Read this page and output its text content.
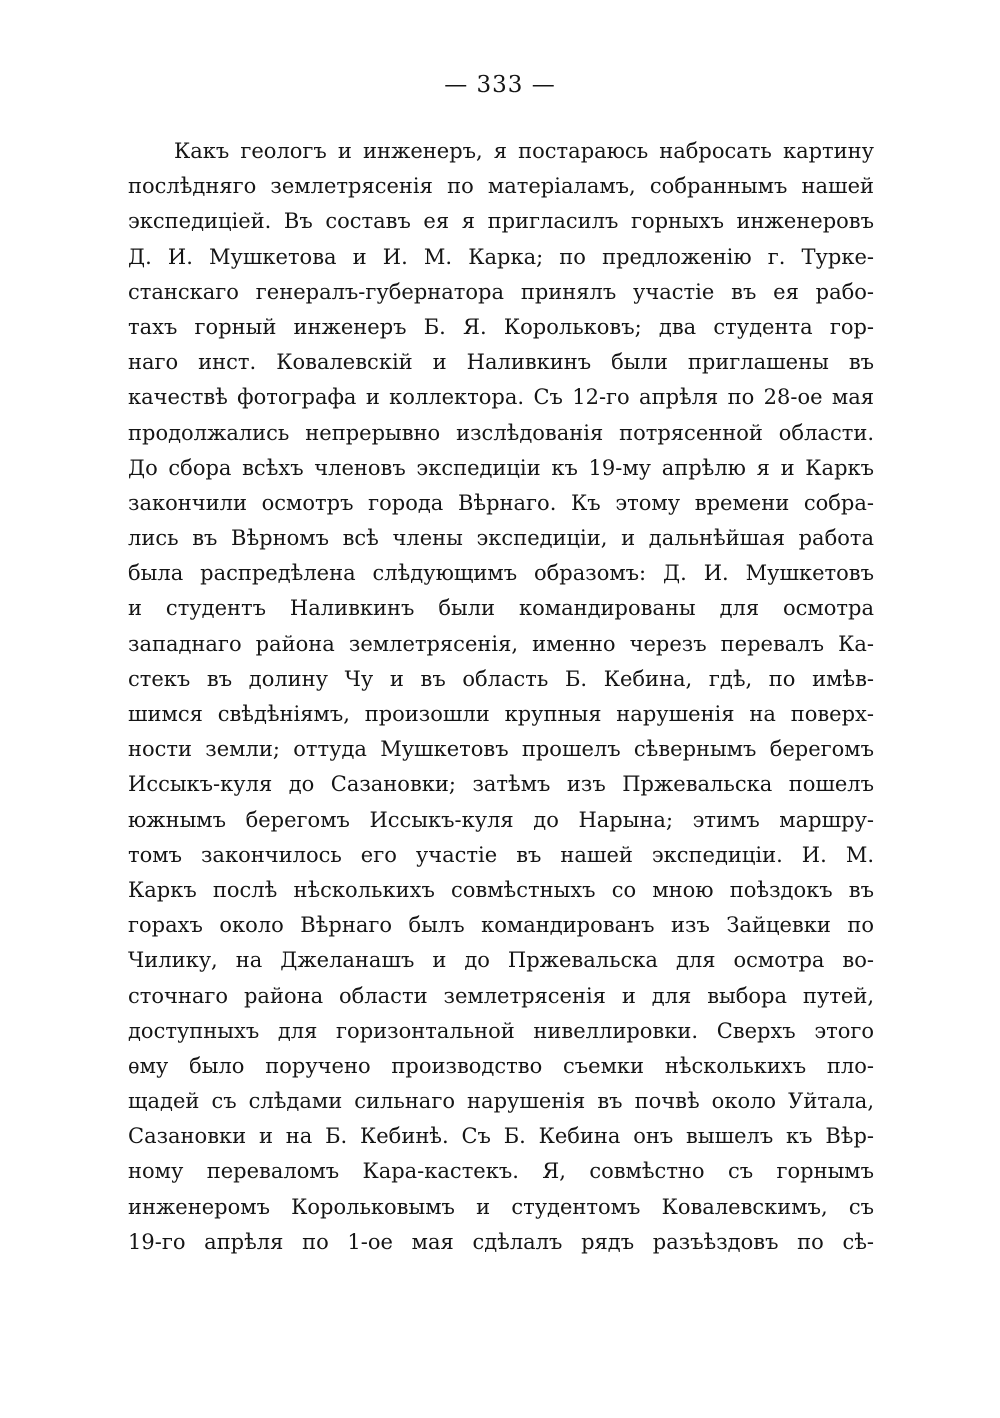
— 333 —
Какъ геологъ и инженеръ, я постараюсь набросать картину
послѣдняго землетрясенія по матеріаламъ, собраннымъ нашей
экспедиціей. Въ составъ ея я пригласилъ горныхъ инженеровъ
Д. И. Мушкетова и И. М. Карка; по предложенію г. Турке-
станскаго генералъ-губернатора принялъ участіе въ ея рабо-
тахъ горный инженеръ Б. Я. Корольковъ; два студента гор-
наго инст. Ковалевскій и Наливкинъ были приглашены въ
качествѣ фотографа и коллектора. Съ 12-го апрѣля по 28-ое мая
продолжались непрерывно изслѣдованія потрясенной области.
До сбора всѣхъ членовъ экспедиціи къ 19-му апрѣлю я и Каркъ
закончили осмотръ города Вѣрнаго. Къ этому времени собра-
лись въ Вѣрномъ всѣ члены экспедиціи, и дальнѣйшая работа
была распредѣлена слѣдующимъ образомъ: Д. И. Мушкетовъ
и студентъ Наливкинъ были командированы для осмотра
западнаго района землетрясенія, именно черезъ перевалъ Ка-
стекъ въ долину Чу и въ область Б. Кебина, гдѣ, по имѣв-
шимся свѣдѣніямъ, произошли крупныя нарушенія на поверх-
ности земли; оттуда Мушкетовъ прошелъ сѣвернымъ берегомъ
Иссыкъ-куля до Сазановки; затѣмъ изъ Пржевальска пошелъ
южнымъ берегомъ Иссыкъ-куля до Нарына; этимъ маршру-
томъ закончилось его участіе въ нашей экспедиціи. И. М.
Каркъ послѣ нѣсколькихъ совмѣстныхъ со мною поѣздокъ въ
горахъ около Вѣрнаго былъ командированъ изъ Зайцевки по
Чилику, на Джеланашъ и до Пржевальска для осмотра во-
сточнаго района области землетрясенія и для выбора путей,
доступныхъ для горизонтальной нивеллировки. Сверхъ этого
ѳму было поручено производство съемки нѣсколькихъ пло-
щадей съ слѣдами сильнаго нарушенія въ почвѣ около Уйтала,
Сазановки и на Б. Кебинѣ. Съ Б. Кебина онъ вышелъ къ Вѣр-
ному переваломъ Кара-кастекъ. Я, совмѣстно съ горнымъ
инженеромъ Корольковымъ и студентомъ Ковалевскимъ, съ
19-го апрѣля по 1-ое мая сдѣлалъ рядъ разъѣздовъ по сѣ-
